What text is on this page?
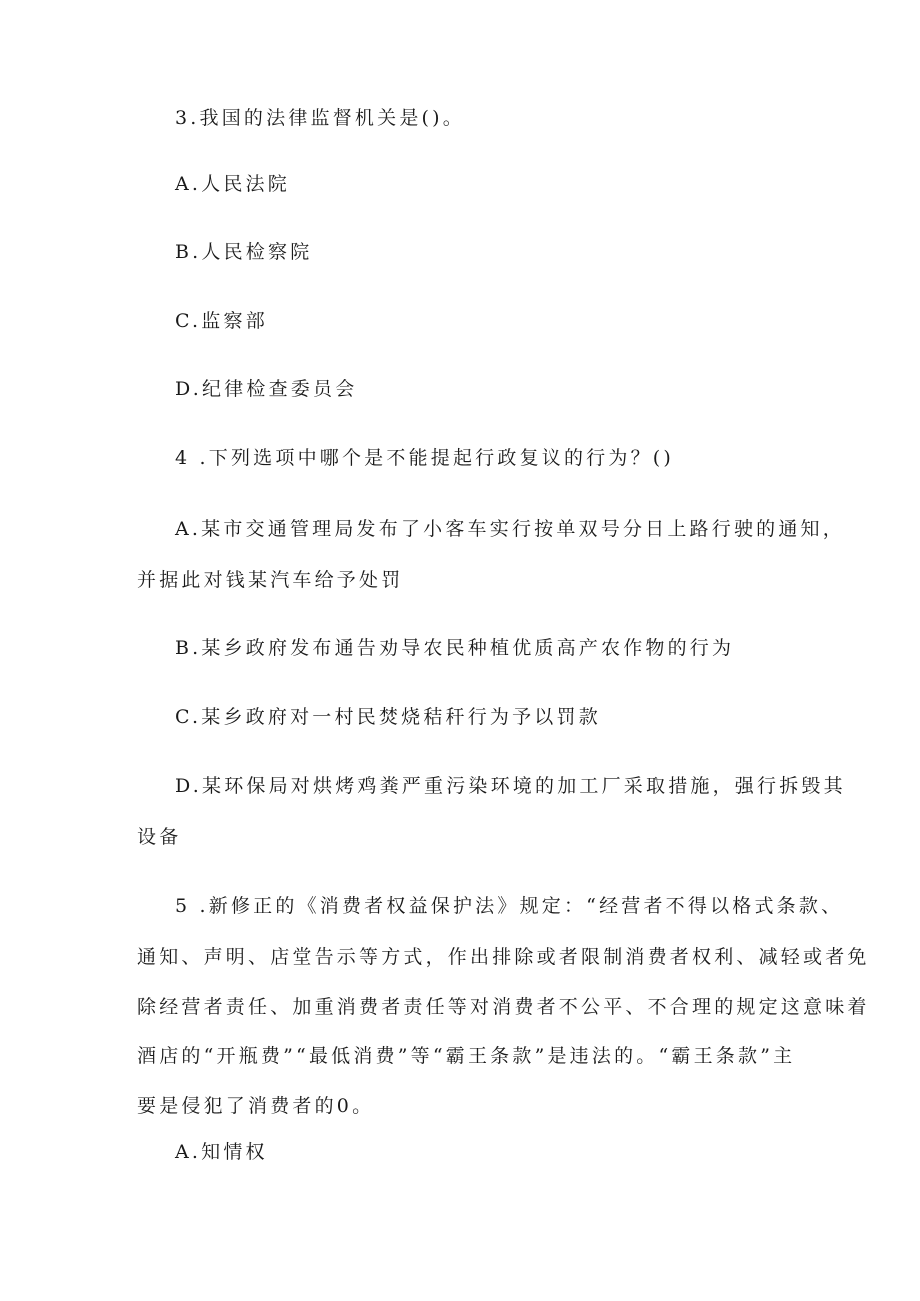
3.我国的法律监督机关是()。

A.人民法院

B.人民检察院

C.监察部

D.纪律检查委员会

4 .下列选项中哪个是不能提起行政复议的行为？()

A.某市交通管理局发布了小客车实行按单双号分日上路行驶的通知，

并据此对钱某汽车给予处罚

B.某乡政府发布通告劝导农民种植优质高产农作物的行为

C.某乡政府对一村民焚烧秸秆行为予以罚款

D.某环保局对烘烤鸡粪严重污染环境的加工厂采取措施，强行拆毁其

设备

5 .新修正的《消费者权益保护法》规定：“经营者不得以格式条款、

通知、声明、店堂告示等方式，作出排除或者限制消费者权利、减轻或者免

除经营者责任、加重消费者责任等对消费者不公平、不合理的规定这意味着

酒店的“开瓶费”“最低消费”等“霸王条款”是违法的。“霸王条款”主

要是侵犯了消费者的0。

A.知情权
